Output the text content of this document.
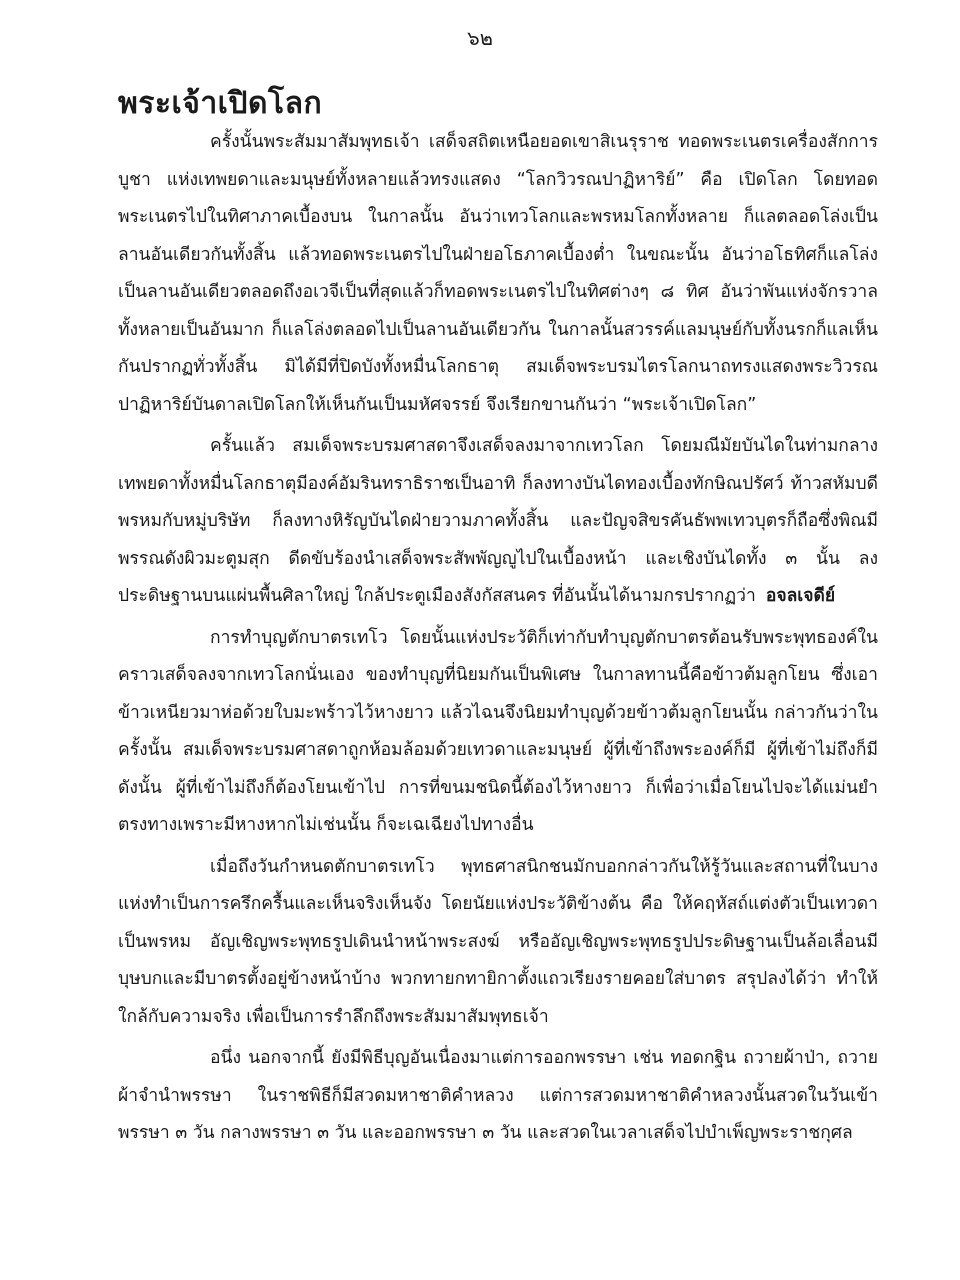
๖๒
พระเจ้าเปิดโลก

ครั้งนั้นพระสัมมาสัมพุทธเจ้า เสด็จสถิตเหนือยอดเขาสิเนรุราช ทอดพระเนตรเครื่องสักการบูชา แห่งเทพยดาและมนุษย์ทั้งหลายแล้วทรงแสดง “โลกวิวรณปาฏิหาริย์” คือ เปิดโลก โดยทอดพระเนตรไปในทิศาภาคเบื้องบน ในกาลนั้น อันว่าเทวโลกและพรหมโลกทั้งหลาย ก็แลตลอดโล่งเป็นลานอันเดียวกันทั้งสิ้น แล้วทอดพระเนตรไปในฝ่ายอโธภาคเบื้องต่ำ ในขณะนั้น อันว่าอโธทิศก็แลโล่งเป็นลานอันเดียวตลอดถึงอเวจีเป็นที่สุดแล้วก็ทอดพระเนตรไปในทิศต่างๆ ๘ ทิศ อันว่าพันแห่งจักรวาลทั้งหลายเป็นอันมาก ก็แลโล่งตลอดไปเป็นลานอันเดียวกัน ในกาลนั้นสวรรค์แลมนุษย์กับทั้งนรกก็แลเห็นกันปรากฏทั่วทั้งสิ้น มิได้มีที่ปิดบังทั้งหมื่นโลกธาตุ สมเด็จพระบรมไตรโลกนาถทรงแสดงพระวิวรณปาฏิหาริย์บันดาลเปิดโลกให้เห็นกันเป็นมหัศจรรย์ จึงเรียกขานกันว่า “พระเจ้าเปิดโลก”

ครั้นแล้ว สมเด็จพระบรมศาสดาจึงเสด็จลงมาจากเทวโลก โดยมณีมัยบันไดในท่ามกลางเทพยดาทั้งหมื่นโลกธาตุมีองค์อัมรินทราธิราชเป็นอาทิ ก็ลงทางบันไดทองเบื้องทักษิณปรัศว์ ท้าวสหัมบดีพรหมกับหมู่บริษัท ก็ลงทางหิรัญบันไดฝ่ายวามภาคทั้งสิ้น และปัญจสิขรคันธัพพเทวบุตรก็ถือซึ่งพิณมีพรรณดังผิวมะตูมสุก ดีดขับร้องนำเสด็จพระสัพพัญญูไปในเบื้องหน้า และเชิงบันไดทั้ง ๓ นั้น ลงประดิษฐานบนแผ่นพื้นศิลาใหญ่ ใกล้ประตูเมืองสังกัสสนคร ที่อันนั้นได้นามกรปรากฏว่า อจลเจดีย์

การทำบุญตักบาตรเทโว โดยนั้นแห่งประวัติก็เท่ากับทำบุญตักบาตรต้อนรับพระพุทธองค์ในคราวเสด็จลงจากเทวโลกนั่นเอง ของทำบุญที่นิยมกันเป็นพิเศษ ในกาลทานนี้คือข้าวต้มลูกโยน ซึ่งเอาข้าวเหนียวมาห่อด้วยใบมะพร้าวไว้หางยาว แล้วไฉนจึงนิยมทำบุญด้วยข้าวต้มลูกโยนนั้น กล่าวกันว่าในครั้งนั้น สมเด็จพระบรมศาสดาถูกห้อมล้อมด้วยเทวดาและมนุษย์ ผู้ที่เข้าถึงพระองค์ก็มี ผู้ที่เข้าไม่ถึงก็มีดังนั้น ผู้ที่เข้าไม่ถึงก็ต้องโยนเข้าไป การที่ขนมชนิดนี้ต้องไว้หางยาว ก็เพื่อว่าเมื่อโยนไปจะได้แม่นยำตรงทางเพราะมีหางหากไม่เช่นนั้น ก็จะเฉเฉียงไปทางอื่น

เมื่อถึงวันกำหนดตักบาตรเทโว พุทธศาสนิกชนมักบอกกล่าวกันให้รู้วันและสถานที่ในบางแห่งทำเป็นการครึกครื้นและเห็นจริงเห็นจัง โดยนัยแห่งประวัติข้างต้น คือ ให้คฤหัสถ์แต่งตัวเป็นเทวดาเป็นพรหม อัญเชิญพระพุทธรูปเดินนำหน้าพระสงฆ์ หรืออัญเชิญพระพุทธรูปประดิษฐานเป็นล้อเลื่อนมีบุษบกและมีบาตรตั้งอยู่ข้างหน้าบ้าง พวกทายกทายิกาตั้งแถวเรียงรายคอยใส่บาตร สรุปลงได้ว่า ทำให้ใกล้กับความจริง เพื่อเป็นการรำลึกถึงพระสัมมาสัมพุทธเจ้า

อนึ่ง นอกจากนี้ ยังมีพิธีบุญอันเนื่องมาแต่การออกพรรษา เช่น ทอดกฐิน ถวายผ้าป่า, ถวายผ้าจำนำพรรษา ในราชพิธีก็มีสวดมหาชาติคำหลวง แต่การสวดมหาชาติคำหลวงนั้นสวดในวันเข้าพรรษา ๓ วัน กลางพรรษา ๓ วัน และออกพรรษา ๓ วัน และสวดในเวลาเสด็จไปบำเพ็ญพระราชกุศล
